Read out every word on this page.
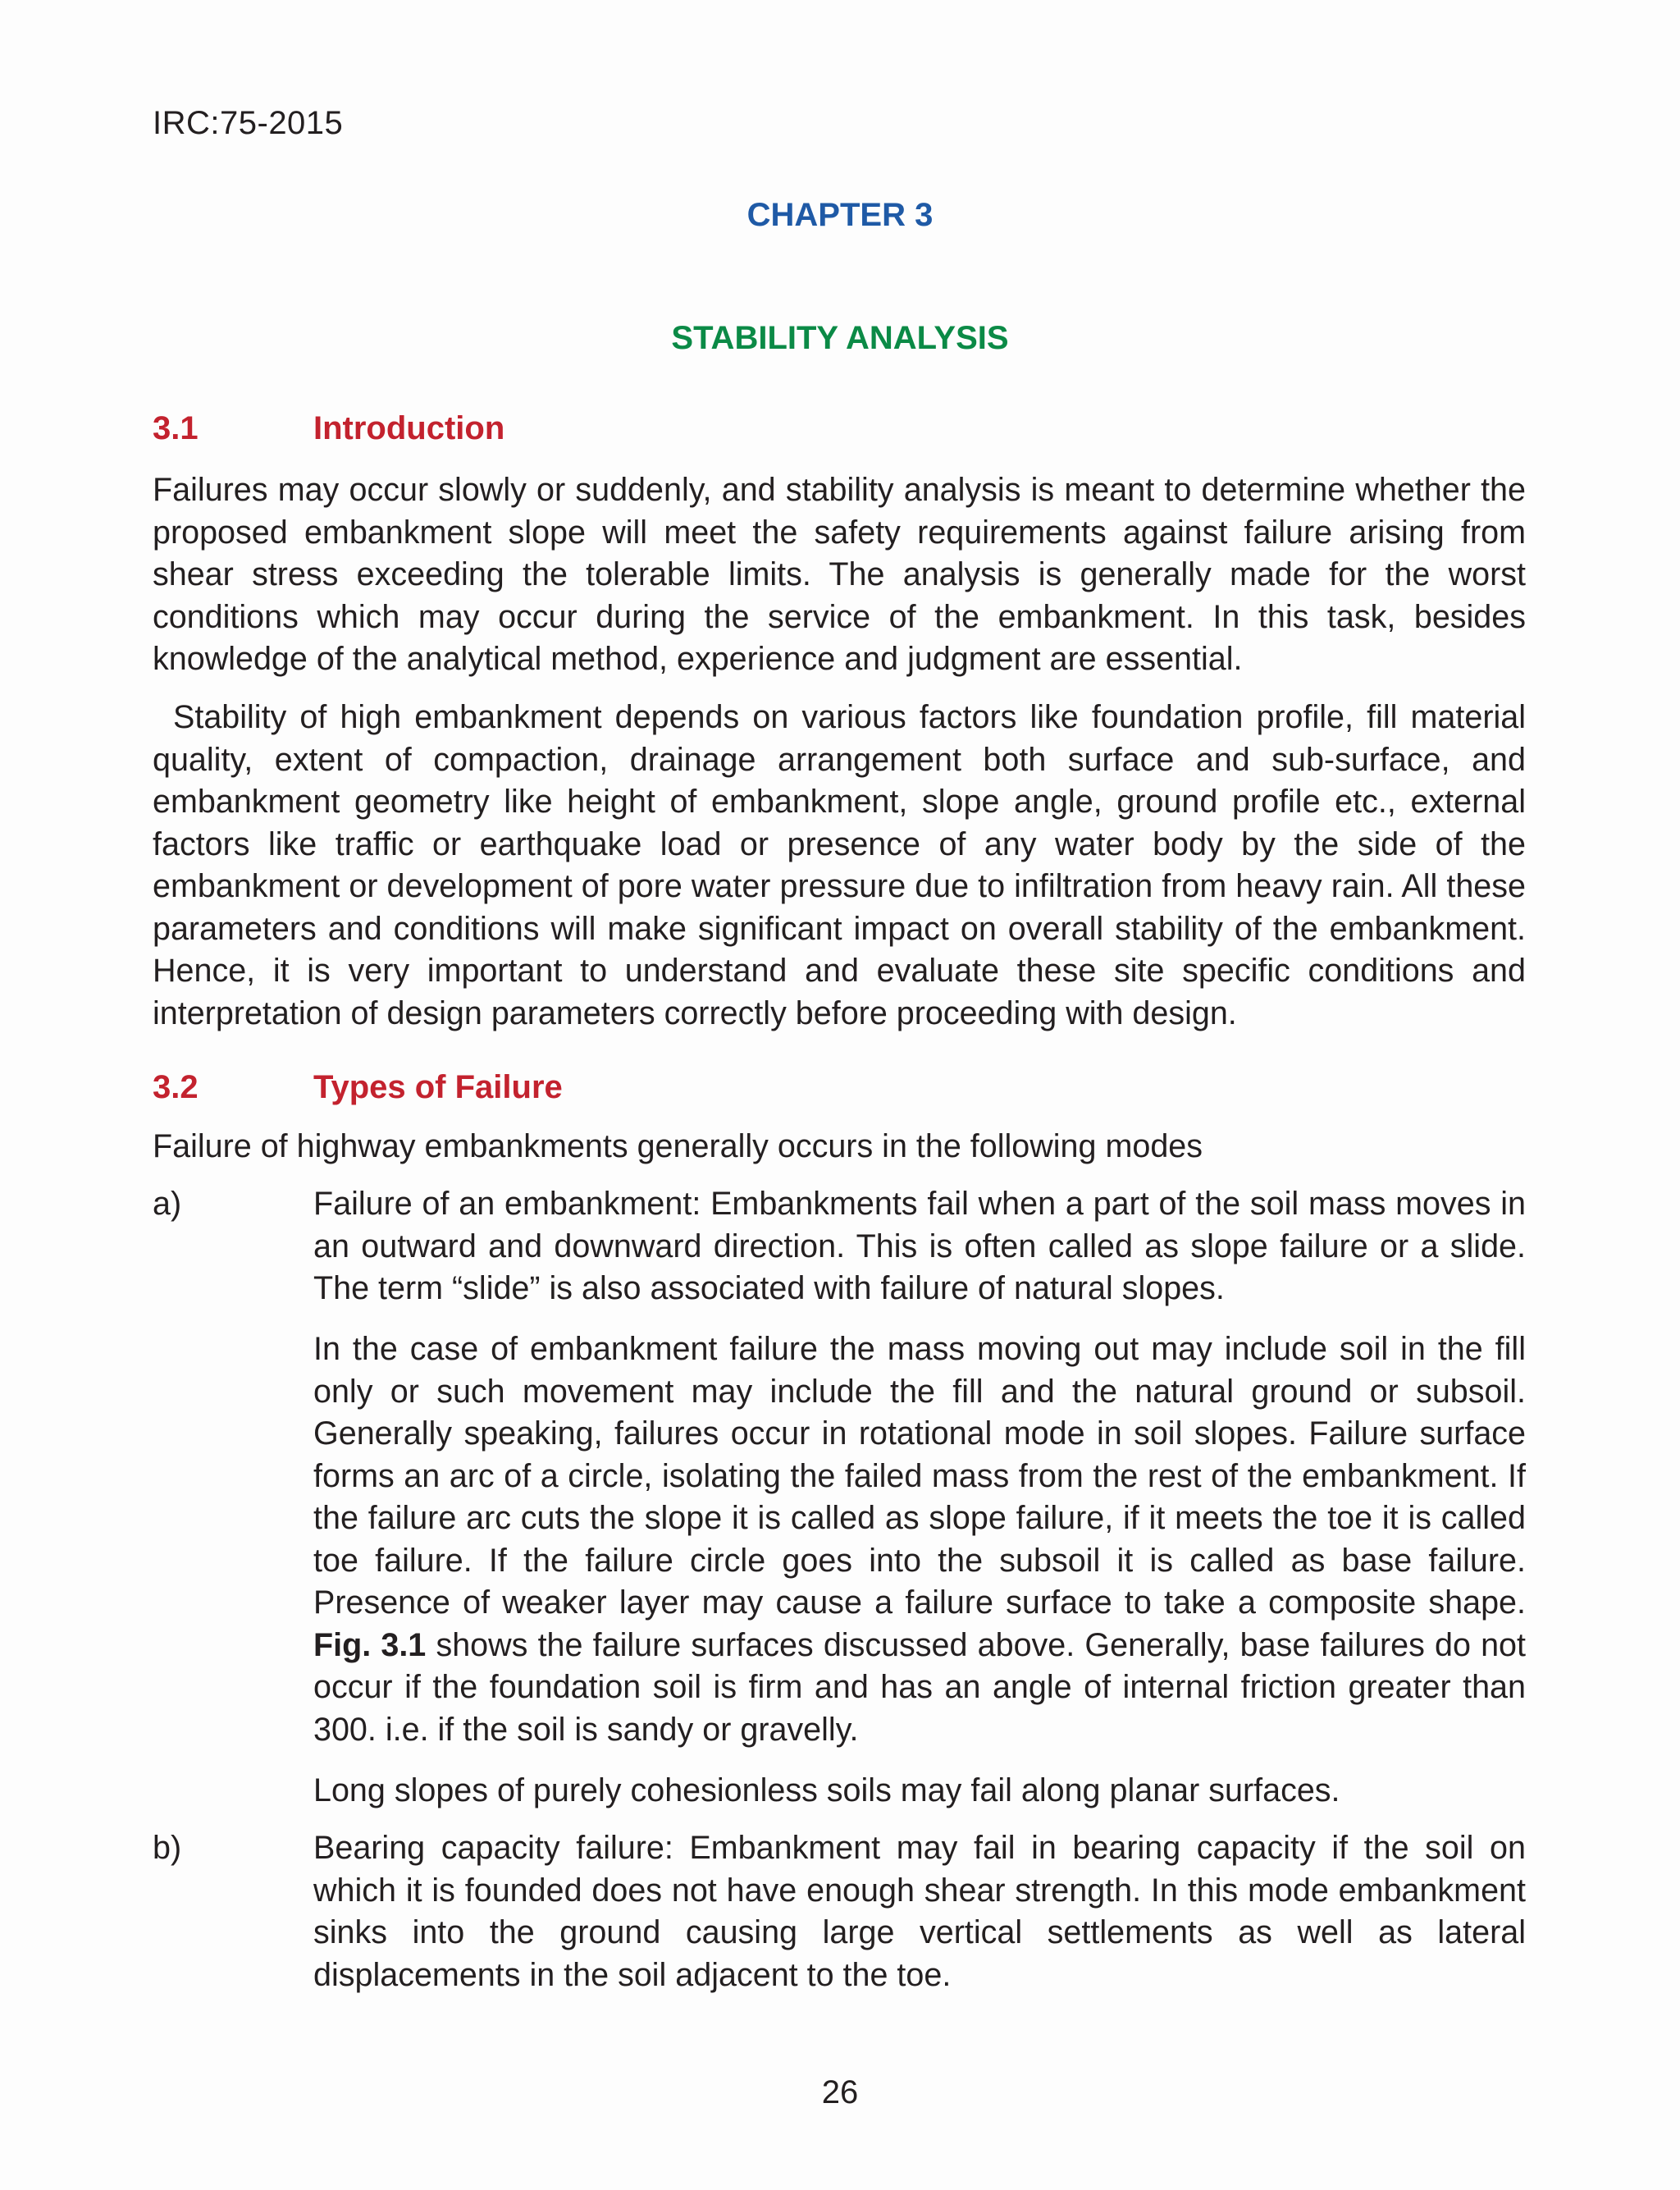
IRC:75-2015
CHAPTER 3
STABILITY ANALYSIS
3.1	Introduction

Failures may occur slowly or suddenly, and stability analysis is meant to determine whether the proposed embankment slope will meet the safety requirements against failure arising from shear stress exceeding the tolerable limits. The analysis is generally made for the worst conditions which may occur during the service of the embankment. In this task, besides knowledge of the analytical method, experience and judgment are essential.

Stability of high embankment depends on various factors like foundation profile, fill material quality, extent of compaction, drainage arrangement both surface and sub-surface, and embankment geometry like height of embankment, slope angle, ground profile etc., external factors like traffic or earthquake load or presence of any water body by the side of the embankment or development of pore water pressure due to infiltration from heavy rain. All these parameters and conditions will make significant impact on overall stability of the embankment. Hence, it is very important to understand and evaluate these site specific conditions and interpretation of design parameters correctly before proceeding with design.

3.2	Types of Failure

Failure of highway embankments generally occurs in the following modes

a)	Failure of an embankment: Embankments fail when a part of the soil mass moves in an outward and downward direction. This is often called as slope failure or a slide. The term “slide” is also associated with failure of natural slopes.

In the case of embankment failure the mass moving out may include soil in the fill only or such movement may include the fill and the natural ground or subsoil. Generally speaking, failures occur in rotational mode in soil slopes. Failure surface forms an arc of a circle, isolating the failed mass from the rest of the embankment. If the failure arc cuts the slope it is called as slope failure, if it meets the toe it is called toe failure. If the failure circle goes into the subsoil it is called as base failure. Presence of weaker layer may cause a failure surface to take a composite shape. Fig. 3.1 shows the failure surfaces discussed above. Generally, base failures do not occur if the foundation soil is firm and has an angle of internal friction greater than 300. i.e. if the soil is sandy or gravelly.

Long slopes of purely cohesionless soils may fail along planar surfaces.

b)	Bearing capacity failure: Embankment may fail in bearing capacity if the soil on which it is founded does not have enough shear strength. In this mode embankment sinks into the ground causing large vertical settlements as well as lateral displacements in the soil adjacent to the toe.

26
